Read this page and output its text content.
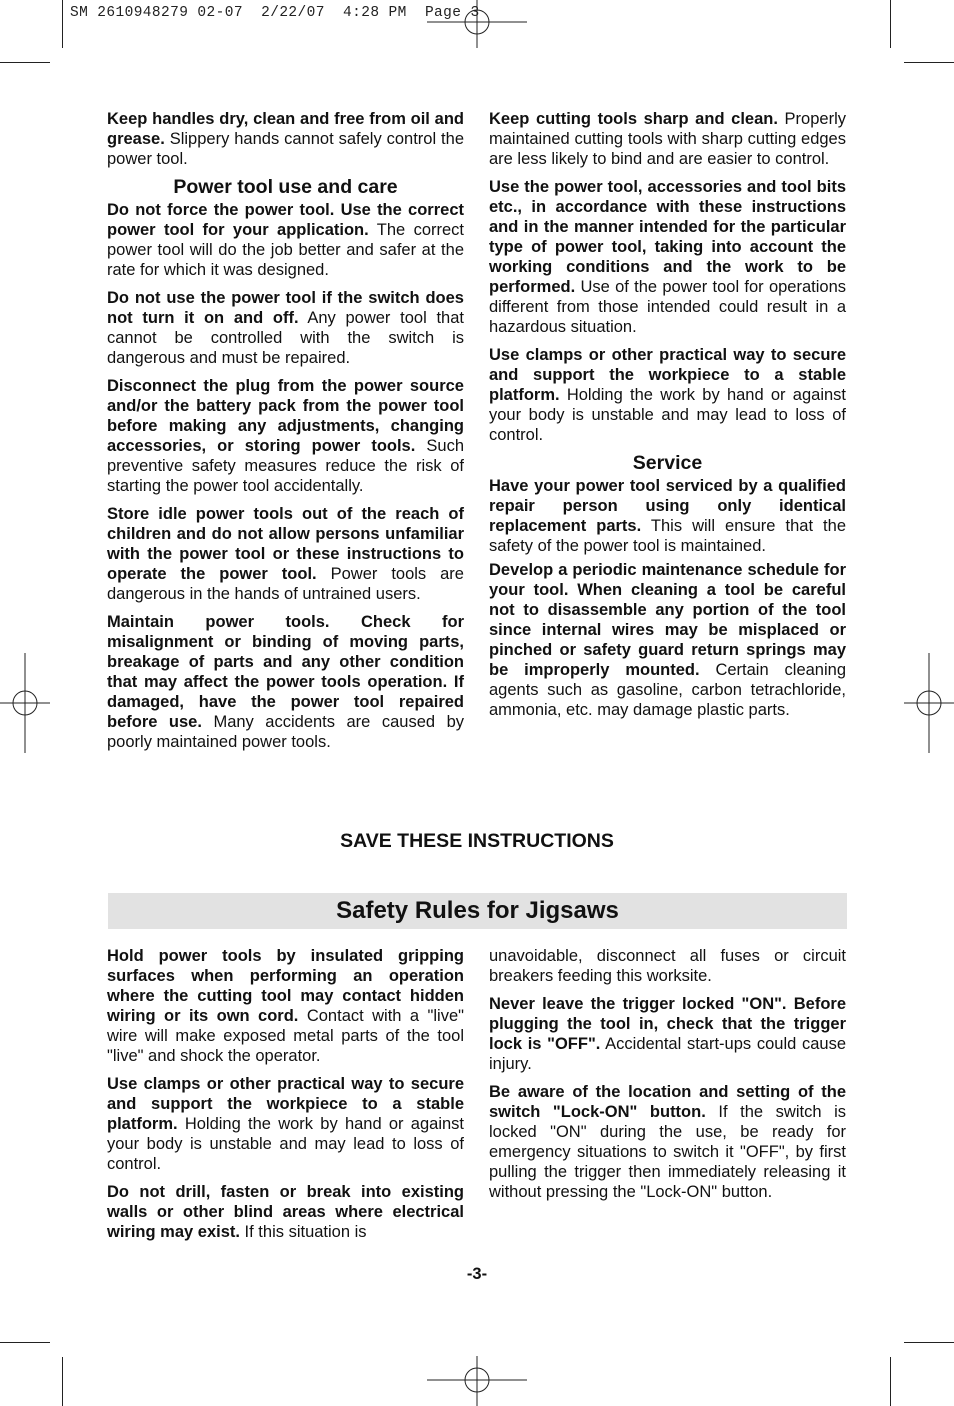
SM 2610948279 02-07  2/22/07  4:28 PM  Page 3

Keep handles dry, clean and free from oil and grease. Slippery hands cannot safely control the power tool.

Power tool use and care

Do not force the power tool. Use the correct power tool for your application. The correct power tool will do the job better and safer at the rate for which it was designed.

Do not use the power tool if the switch does not turn it on and off. Any power tool that cannot be controlled with the switch is dangerous and must be repaired.

Disconnect the plug from the power source and/or the battery pack from the power tool before making any adjustments, changing accessories, or storing power tools. Such preventive safety measures reduce the risk of starting the power tool accidentally.

Store idle power tools out of the reach of children and do not allow persons unfamiliar with the power tool or these instructions to operate the power tool. Power tools are dangerous in the hands of untrained users.

Maintain power tools. Check for misalignment or binding of moving parts, breakage of parts and any other condition that may affect the power tools operation. If damaged, have the power tool repaired before use. Many accidents are caused by poorly maintained power tools.

Keep cutting tools sharp and clean. Properly maintained cutting tools with sharp cutting edges are less likely to bind and are easier to control.

Use the power tool, accessories and tool bits etc., in accordance with these instructions and in the manner intended for the particular type of power tool, taking into account the working conditions and the work to be performed. Use of the power tool for operations different from those intended could result in a hazardous situation.

Use clamps or other practical way to secure and support the workpiece to a stable platform. Holding the work by hand or against your body is unstable and may lead to loss of control.

Service

Have your power tool serviced by a qualified repair person using only identical replacement parts. This will ensure that the safety of the power tool is maintained.

Develop a periodic maintenance schedule for your tool. When cleaning a tool be careful not to disassemble any portion of the tool since internal wires may be misplaced or pinched or safety guard return springs may be improperly mounted. Certain cleaning agents such as gasoline, carbon tetrachloride, ammonia, etc. may damage plastic parts.

SAVE THESE INSTRUCTIONS
Safety Rules for Jigsaws

Hold power tools by insulated gripping surfaces when performing an operation where the cutting tool may contact hidden wiring or its own cord. Contact with a "live" wire will make exposed metal parts of the tool "live" and shock the operator.

Use clamps or other practical way to secure and support the workpiece to a stable platform. Holding the work by hand or against your body is unstable and may lead to loss of control.

Do not drill, fasten or break into existing walls or other blind areas where electrical wiring may exist. If this situation is

unavoidable, disconnect all fuses or circuit breakers feeding this worksite.

Never leave the trigger locked "ON". Before plugging the tool in, check that the trigger lock is "OFF". Accidental start-ups could cause injury.

Be aware of the location and setting of the switch "Lock-ON" button. If the switch is locked "ON" during the use, be ready for emergency situations to switch it "OFF", by first pulling the trigger then immediately releasing it without pressing the "Lock-ON" button.

-3-
